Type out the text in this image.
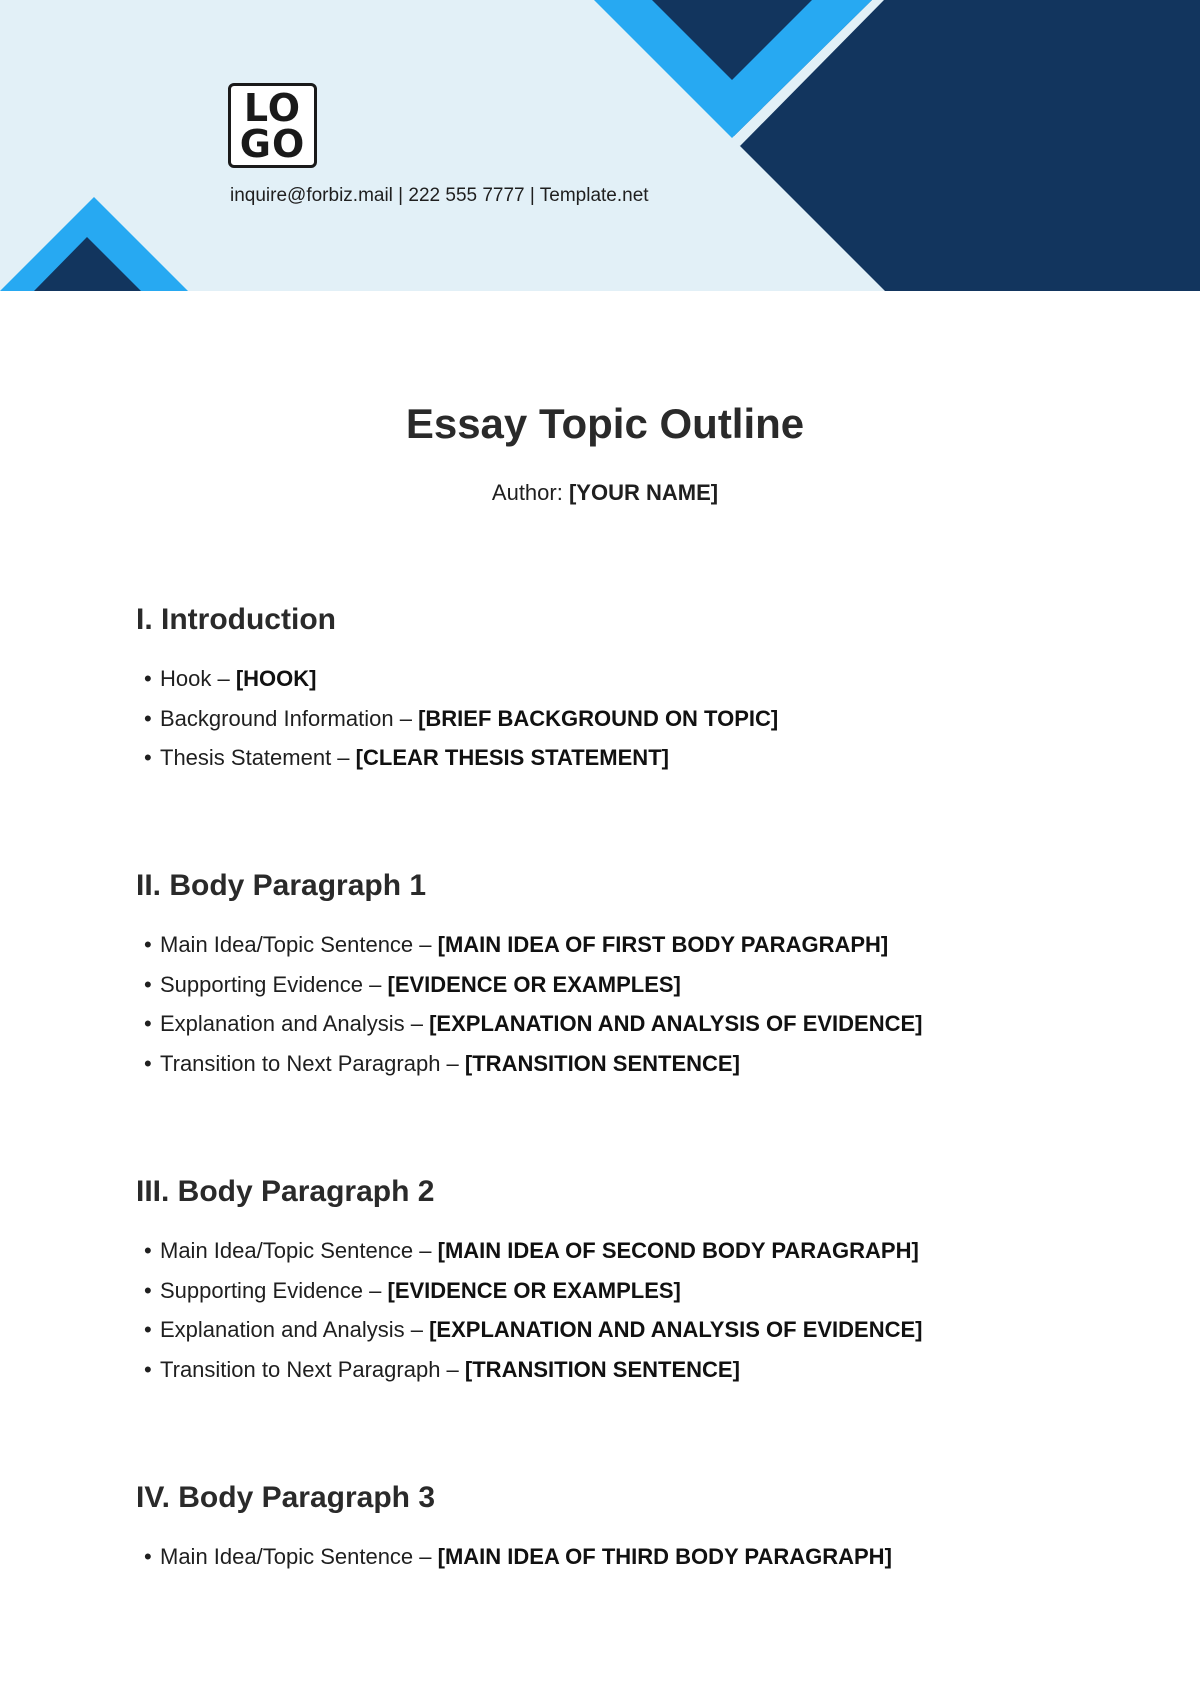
LO
GO
inquire@forbiz.mail | 222 555 7777 | Template.net
Essay Topic Outline
Author: [YOUR NAME]
I. Introduction
• Hook – [HOOK]
• Background Information – [BRIEF BACKGROUND ON TOPIC]
• Thesis Statement – [CLEAR THESIS STATEMENT]
II. Body Paragraph 1
• Main Idea/Topic Sentence – [MAIN IDEA OF FIRST BODY PARAGRAPH]
• Supporting Evidence – [EVIDENCE OR EXAMPLES]
• Explanation and Analysis – [EXPLANATION AND ANALYSIS OF EVIDENCE]
• Transition to Next Paragraph – [TRANSITION SENTENCE]
III. Body Paragraph 2
• Main Idea/Topic Sentence – [MAIN IDEA OF SECOND BODY PARAGRAPH]
• Supporting Evidence – [EVIDENCE OR EXAMPLES]
• Explanation and Analysis – [EXPLANATION AND ANALYSIS OF EVIDENCE]
• Transition to Next Paragraph – [TRANSITION SENTENCE]
IV. Body Paragraph 3
• Main Idea/Topic Sentence – [MAIN IDEA OF THIRD BODY PARAGRAPH]
